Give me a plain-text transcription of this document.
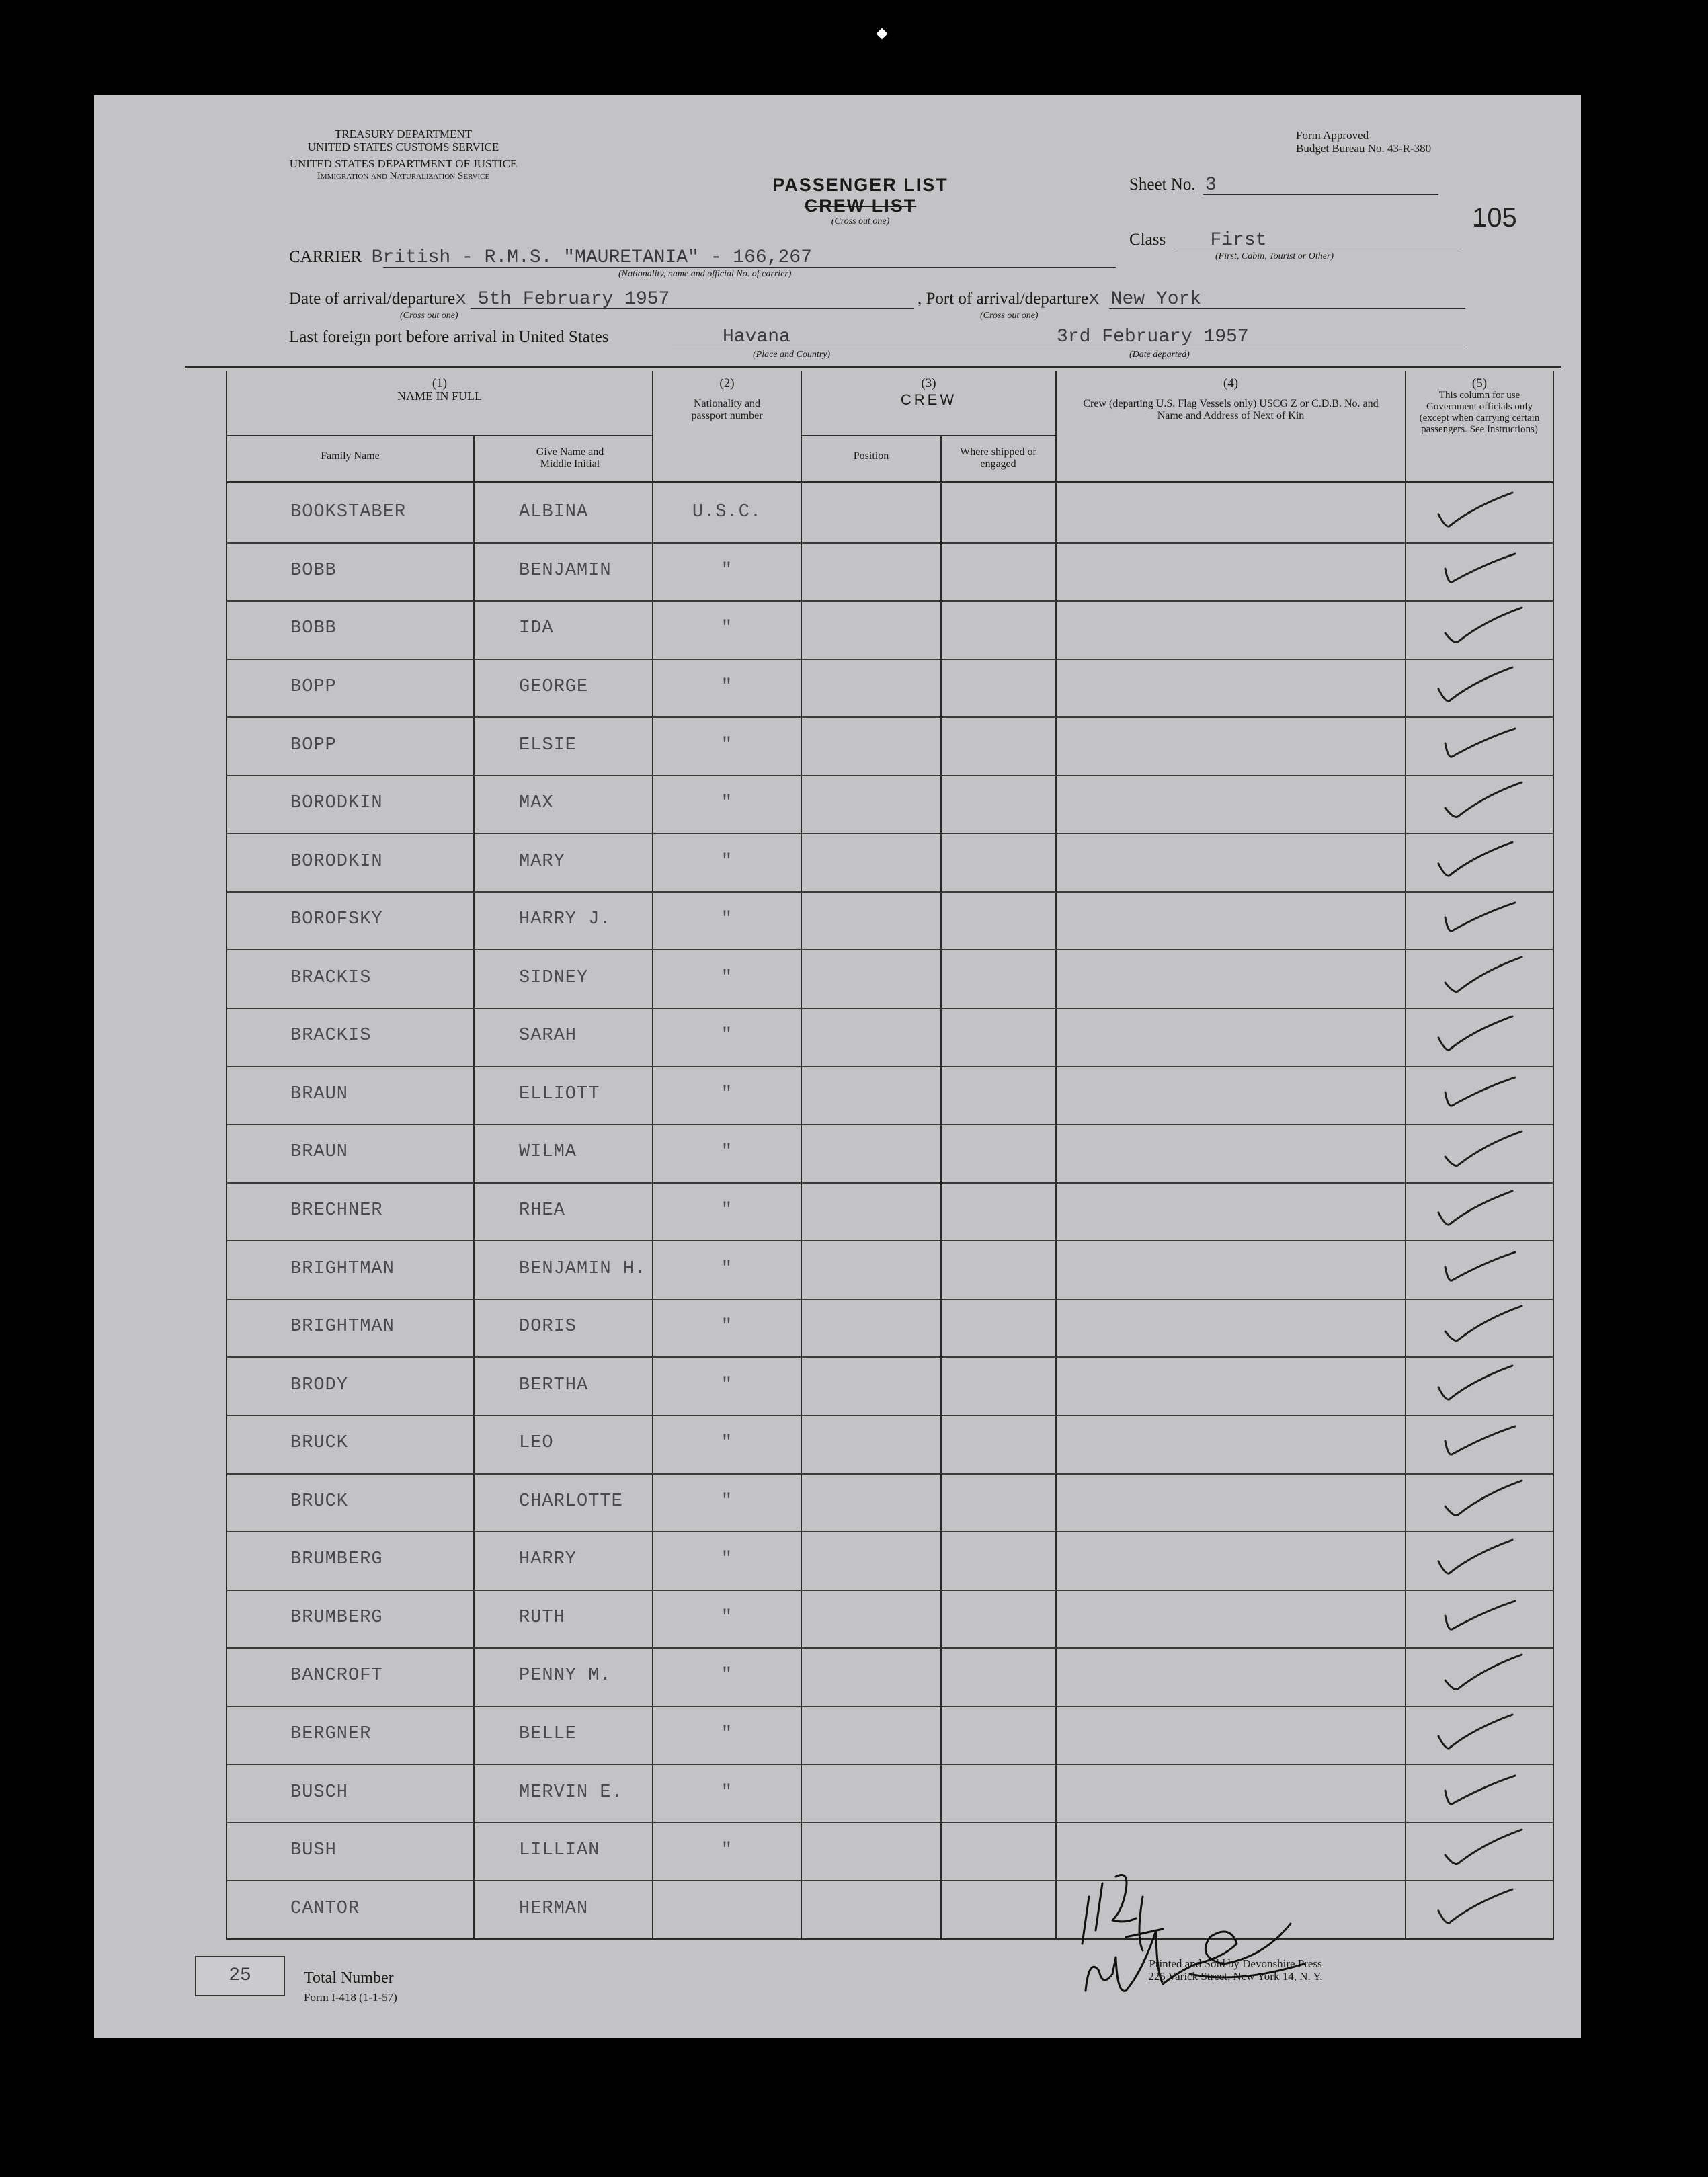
TREASURY DEPARTMENT
UNITED STATES CUSTOMS SERVICE
UNITED STATES DEPARTMENT OF JUSTICE
Immigration and Naturalization Service
Form Approved
Budget Bureau No. 43-R-380
PASSENGER LIST
CREW LIST
(Cross out one)
Sheet No. 3
105
Class First
(First, Cabin, Tourist or Other)
CARRIER British - R.M.S. "MAURETANIA" - 166,267
(Nationality, name and official No. of carrier)
Date of arrival/departurex 5th February 1957
(Cross out one)
, Port of arrival/departurex New York
(Cross out one)
Last foreign port before arrival in United States	Havana	3rd February 1957
(Place and Country)	(Date departed)
(1)
NAME IN FULL
Family Name	Give Name and Middle Initial
(2)
Nationality and passport number
(3)
CREW
Position	Where shipped or engaged
(4)
Crew (departing U.S. Flag Vessels only) USCG Z or C.D.B. No. and Name and Address of Next of Kin
(5)
This column for use Government officials only (except when carrying certain passengers. See Instructions)
BOOKSTABER	ALBINA	U.S.C.
BOBB	BENJAMIN	"
BOBB	IDA	"
BOPP	GEORGE	"
BOPP	ELSIE	"
BORODKIN	MAX	"
BORODKIN	MARY	"
BOROFSKY	HARRY J.	"
BRACKIS	SIDNEY	"
BRACKIS	SARAH	"
BRAUN	ELLIOTT	"
BRAUN	WILMA	"
BRECHNER	RHEA	"
BRIGHTMAN	BENJAMIN H.	"
BRIGHTMAN	DORIS	"
BRODY	BERTHA	"
BRUCK	LEO	"
BRUCK	CHARLOTTE	"
BRUMBERG	HARRY	"
BRUMBERG	RUTH	"
BANCROFT	PENNY M.	"
BERGNER	BELLE	"
BUSCH	MERVIN E.	"
BUSH	LILLIAN	"
CANTOR	HERMAN
25	Total Number
Form I-418 (1-1-57)
Printed and Sold by Devonshire Press
225 Varick Street, New York 14, N. Y.
